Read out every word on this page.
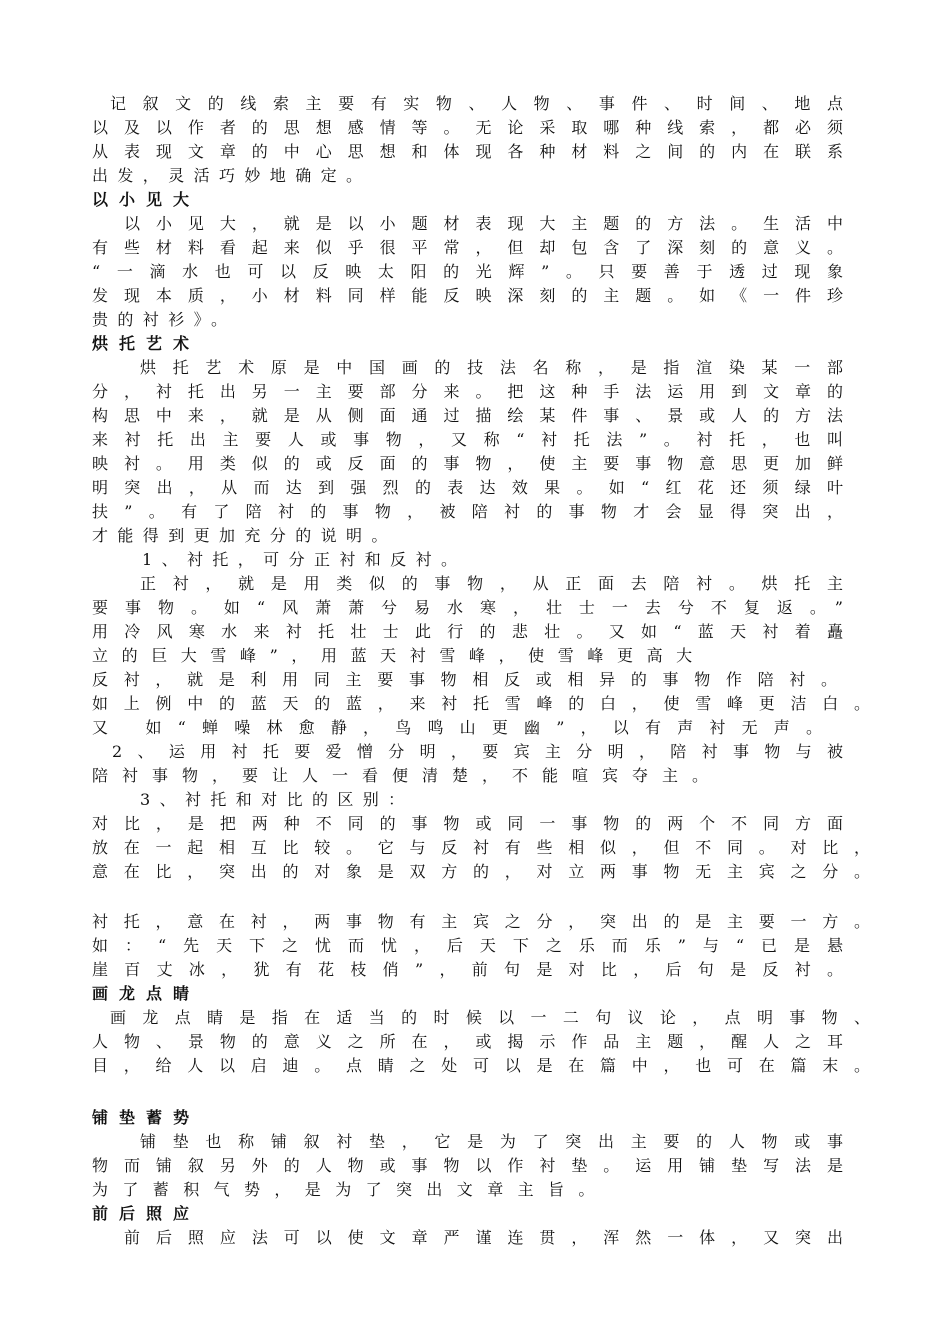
记叙文的线索主要有实物、人物、事件、时间、地点
以及以作者的思想感情等。无论采取哪种线索，都必须
从表现文章的中心思想和体现各种材料之间的内在联系
出发，灵活巧妙地确定。
以小见大
以小见大，就是以小题材表现大主题的方法。生活中
有些材料看起来似乎很平常，但却包含了深刻的意义。
“一滴水也可以反映太阳的光辉”。只要善于透过现象
发现本质，小材料同样能反映深刻的主题。如《一件珍
贵的衬衫》。
烘托艺术
烘托艺术原是中国画的技法名称，是指渲染某一部
分，衬托出另一主要部分来。把这种手法运用到文章的
构思中来，就是从侧面通过描绘某件事、景或人的方法
来衬托出主要人或事物，又称“衬托法”。衬托，也叫
映衬。用类似的或反面的事物，使主要事物意思更加鲜
明突出，从而达到强烈的表达效果。如“红花还须绿叶
扶”。有了陪衬的事物，被陪衬的事物才会显得突出，
才能得到更加充分的说明。
1、衬托，可分正衬和反衬。
正衬，就是用类似的事物，从正面去陪衬。烘托主
要事物。如“风萧萧兮易水寒，壮士一去兮不复返。”
用冷风寒水来衬托壮士此行的悲壮。又如“蓝天衬着矗
立的巨大雪峰”，用蓝天衬雪峰，使雪峰更高大
反衬，就是利用同主要事物相反或相异的事物作陪衬。
如上例中的蓝天的蓝，来衬托雪峰的白，使雪峰更洁白。
又 如“蝉噪林愈静，鸟鸣山更幽”，以有声衬无声。
2、运用衬托要爱憎分明，要宾主分明，陪衬事物与被
陪衬事物，要让人一看便清楚，不能喧宾夺主。
3、衬托和对比的区别：
对比，是把两种不同的事物或同一事物的两个不同方面
放在一起相互比较。它与反衬有些相似，但不同。对比，
意在比，突出的对象是双方的，对立两事物无主宾之分。
衬托，意在衬，两事物有主宾之分，突出的是主要一方。
如：“先天下之忧而忧，后天下之乐而乐”与“已是悬
崖百丈冰，犹有花枝俏”，前句是对比，后句是反衬。
画龙点睛
画龙点睛是指在适当的时候以一二句议论，点明事物、
人物、景物的意义之所在，或揭示作品主题，醒人之耳
目，给人以启迪。点睛之处可以是在篇中，也可在篇末。
铺垫蓄势
铺垫也称铺叙衬垫，它是为了突出主要的人物或事
物而铺叙另外的人物或事物以作衬垫。运用铺垫写法是
为了蓄积气势，是为了突出文章主旨。
前后照应
前后照应法可以使文章严谨连贯，浑然一体，又突出
